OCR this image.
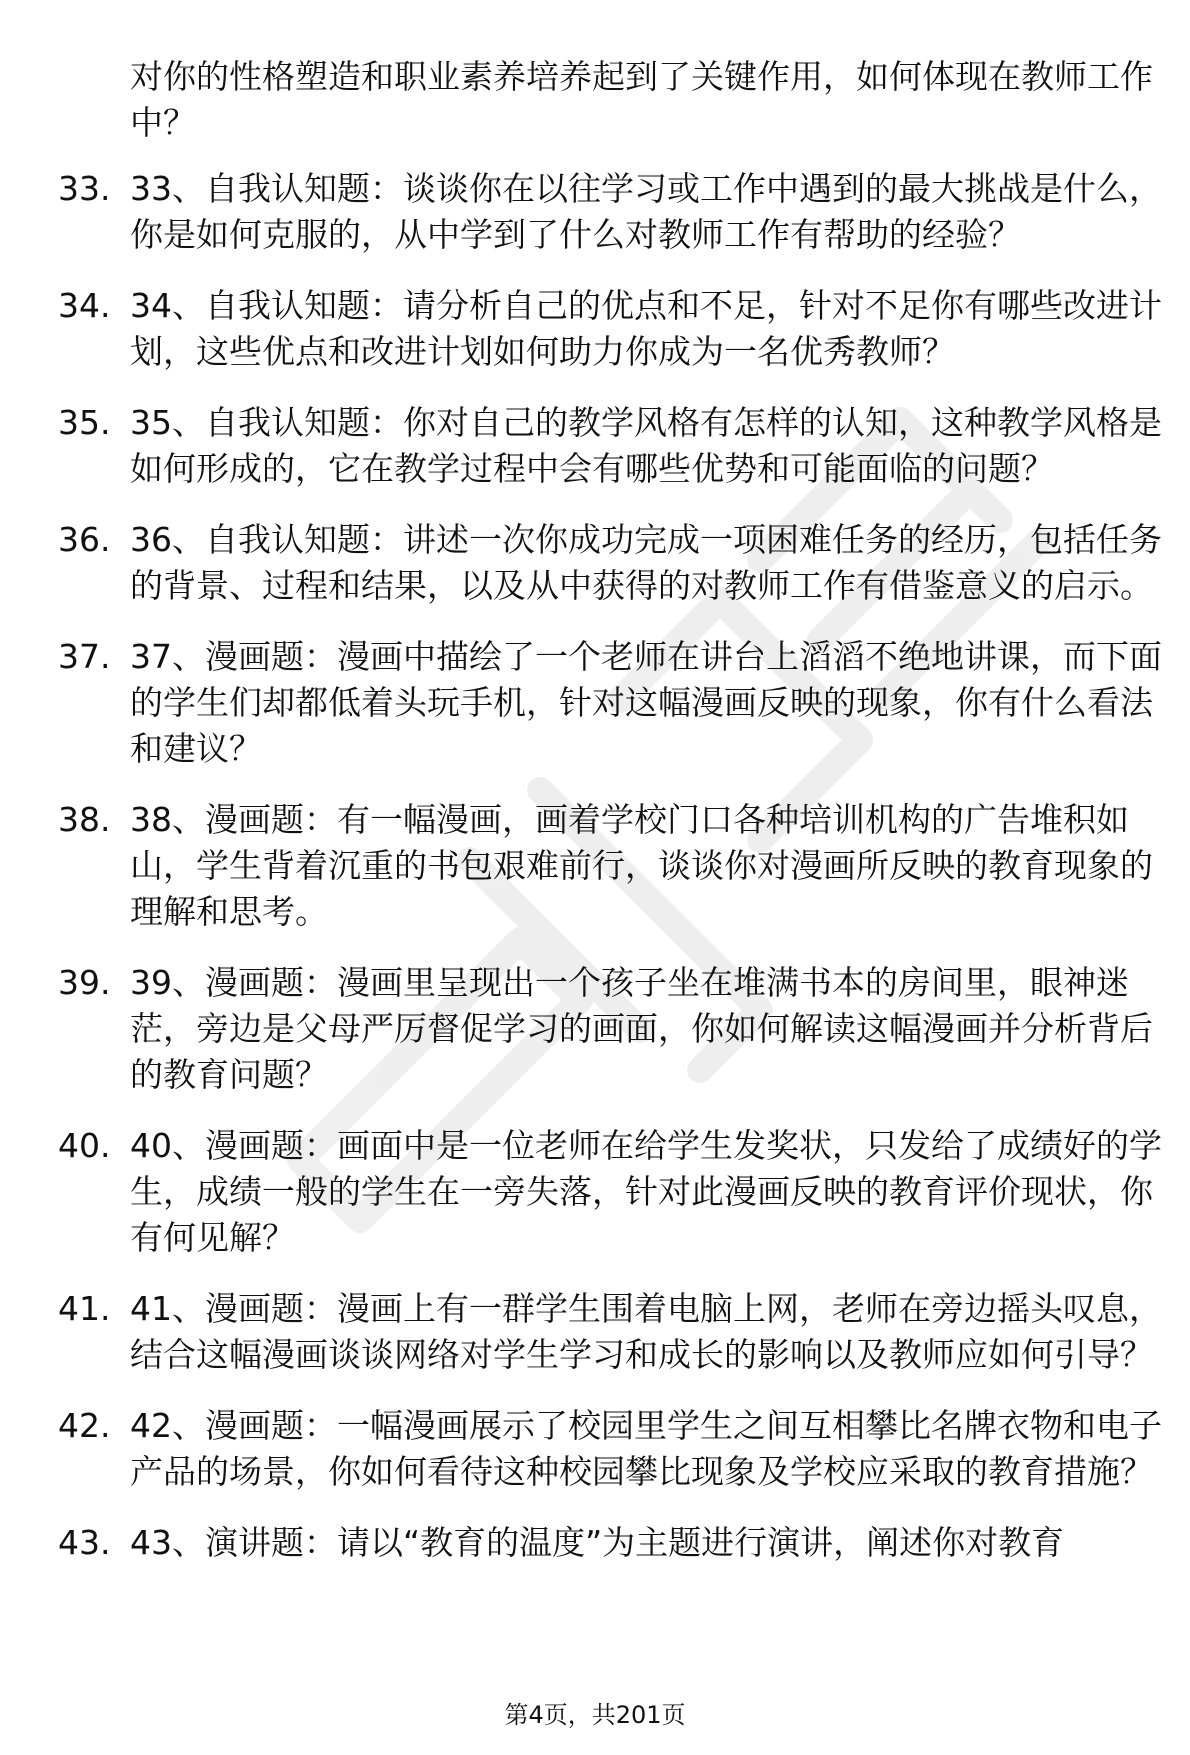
对你的性格塑造和职业素养培养起到了关键作用，如何体现在教师工作中？

33. 33、自我认知题：谈谈你在以往学习或工作中遇到的最大挑战是什么，你是如何克服的，从中学到了什么对教师工作有帮助的经验？
34. 34、自我认知题：请分析自己的优点和不足，针对不足你有哪些改进计划，这些优点和改进计划如何助力你成为一名优秀教师？
35. 35、自我认知题：你对自己的教学风格有怎样的认知，这种教学风格是如何形成的，它在教学过程中会有哪些优势和可能面临的问题？
36. 36、自我认知题：讲述一次你成功完成一项困难任务的经历，包括任务的背景、过程和结果，以及从中获得的对教师工作有借鉴意义的启示。
37. 37、漫画题：漫画中描绘了一个老师在讲台上滔滔不绝地讲课，而下面的学生们却都低着头玩手机，针对这幅漫画反映的现象，你有什么看法和建议？
38. 38、漫画题：有一幅漫画，画着学校门口各种培训机构的广告堆积如山，学生背着沉重的书包艰难前行，谈谈你对漫画所反映的教育现象的理解和思考。
39. 39、漫画题：漫画里呈现出一个孩子坐在堆满书本的房间里，眼神迷茫，旁边是父母严厉督促学习的画面，你如何解读这幅漫画并分析背后的教育问题？
40. 40、漫画题：画面中是一位老师在给学生发奖状，只发给了成绩好的学生，成绩一般的学生在一旁失落，针对此漫画反映的教育评价现状，你有何见解？
41. 41、漫画题：漫画上有一群学生围着电脑上网，老师在旁边摇头叹息，结合这幅漫画谈谈网络对学生学习和成长的影响以及教师应如何引导？
42. 42、漫画题：一幅漫画展示了校园里学生之间互相攀比名牌衣物和电子产品的场景，你如何看待这种校园攀比现象及学校应采取的教育措施？
43. 43、演讲题：请以“教育的温度”为主题进行演讲，阐述你对教育
第4页，共201页
